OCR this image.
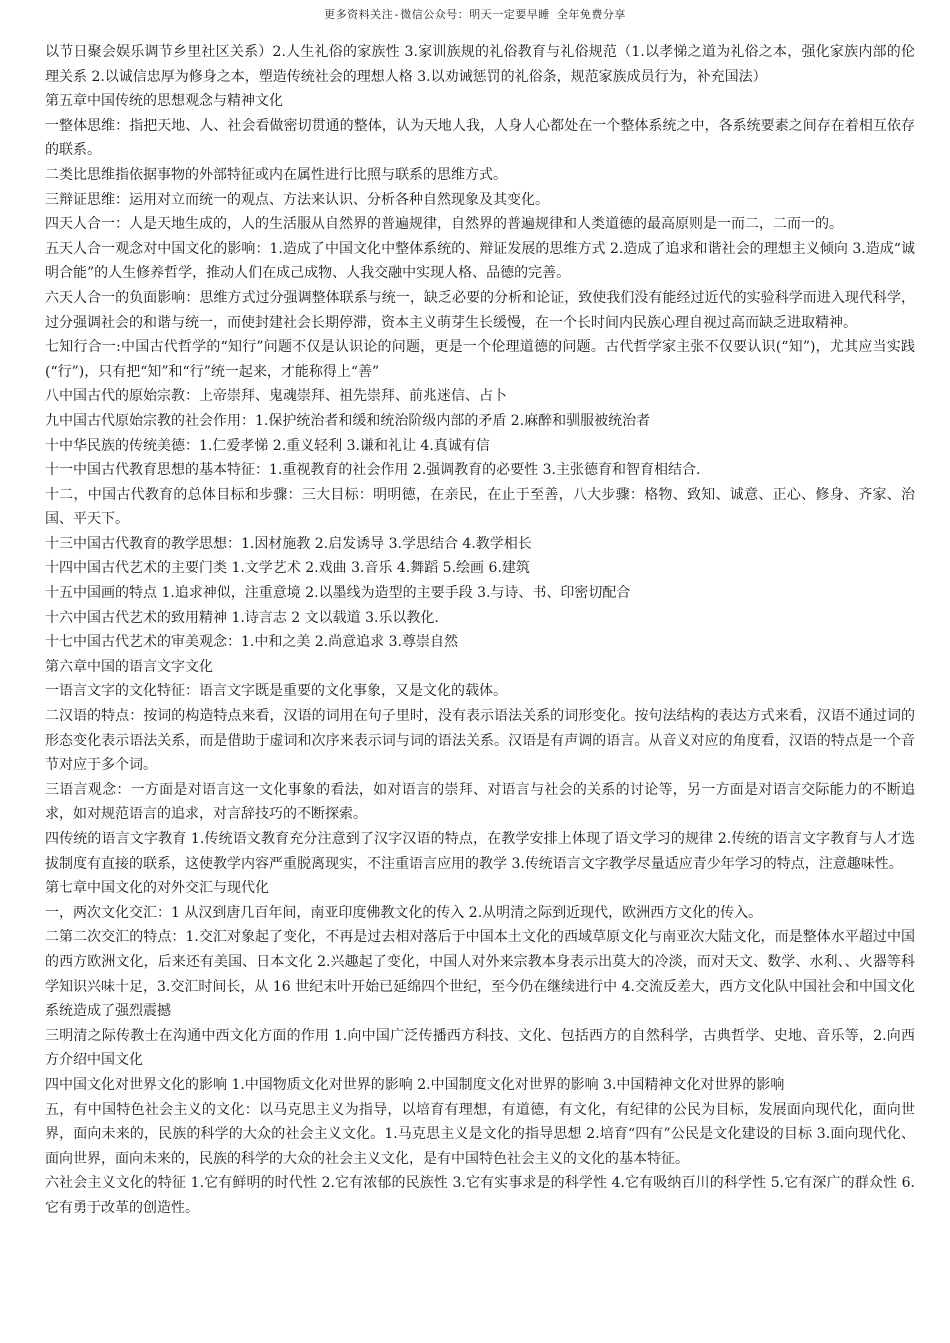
更多资料关注-微信公众号：明天一定要早睡 全年免费分享

以节日聚会娱乐调节乡里社区关系）2.人生礼俗的家族性 3.家训族规的礼俗教育与礼俗规范（1.以孝悌之道为礼俗之本，强化家族内部的伦理关系 2.以诚信忠厚为修身之本，塑造传统社会的理想人格 3.以劝诫惩罚的礼俗条，规范家族成员行为，补充国法）

第五章中国传统的思想观念与精神文化

一整体思维：指把天地、人、社会看做密切贯通的整体，认为天地人我，人身人心都处在一个整体系统之中，各系统要素之间存在着相互依存的联系。

二类比思维指依据事物的外部特征或内在属性进行比照与联系的思维方式。

三辩证思维：运用对立而统一的观点、方法来认识、分析各种自然现象及其变化。

四天人合一：人是天地生成的，人的生活服从自然界的普遍规律，自然界的普遍规律和人类道德的最高原则是一而二，二而一的。

五天人合一观念对中国文化的影响：1.造成了中国文化中整体系统的、辩证发展的思维方式 2.造成了追求和谐社会的理想主义倾向 3.造成“诚明合能”的人生修养哲学，推动人们在成己成物、人我交融中实现人格、品德的完善。

六天人合一的负面影响：思维方式过分强调整体联系与统一，缺乏必要的分析和论证，致使我们没有能经过近代的实验科学而进入现代科学，过分强调社会的和谐与统一，而使封建社会长期停滞，资本主义萌芽生长缓慢，在一个长时间内民族心理自视过高而缺乏进取精神。

七知行合一:中国古代哲学的“知行”问题不仅是认识论的问题，更是一个伦理道德的问题。古代哲学家主张不仅要认识(“知”)，尤其应当实践(“行”)，只有把“知”和“行”统一起来，才能称得上“善”

八中国古代的原始宗教：上帝崇拜、鬼魂崇拜、祖先崇拜、前兆迷信、占卜

九中国古代原始宗教的社会作用：1.保护统治者和缓和统治阶级内部的矛盾 2.麻醉和驯服被统治者

十中华民族的传统美德：1.仁爱孝悌 2.重义轻利 3.谦和礼让 4.真诚有信

十一中国古代教育思想的基本特征：1.重视教育的社会作用 2.强调教育的必要性 3.主张德育和智育相结合.

十二，中国古代教育的总体目标和步骤：三大目标：明明德，在亲民，在止于至善，八大步骤：格物、致知、诚意、正心、修身、齐家、治国、平天下。

十三中国古代教育的教学思想：1.因材施教 2.启发诱导 3.学思结合 4.教学相长

十四中国古代艺术的主要门类 1.文学艺术 2.戏曲 3.音乐 4.舞蹈 5.绘画 6.建筑

十五中国画的特点 1.追求神似，注重意境 2.以墨线为造型的主要手段 3.与诗、书、印密切配合

十六中国古代艺术的致用精神 1.诗言志 2 文以载道 3.乐以教化.

十七中国古代艺术的审美观念：1.中和之美 2.尚意追求 3.尊崇自然

第六章中国的语言文字文化

一语言文字的文化特征：语言文字既是重要的文化事象，又是文化的载体。

二汉语的特点：按词的构造特点来看，汉语的词用在句子里时，没有表示语法关系的词形变化。按句法结构的表达方式来看，汉语不通过词的形态变化表示语法关系，而是借助于虚词和次序来表示词与词的语法关系。汉语是有声调的语言。从音义对应的角度看，汉语的特点是一个音节对应于多个词。

三语言观念：一方面是对语言这一文化事象的看法，如对语言的崇拜、对语言与社会的关系的讨论等，另一方面是对语言交际能力的不断追求，如对规范语言的追求，对言辞技巧的不断探索。

四传统的语言文字教育 1.传统语文教育充分注意到了汉字汉语的特点，在教学安排上体现了语文学习的规律 2.传统的语言文字教育与人才选拔制度有直接的联系，这使教学内容严重脱离现实，不注重语言应用的教学 3.传统语言文字教学尽量适应青少年学习的特点，注意趣味性。

第七章中国文化的对外交汇与现代化

一，两次文化交汇：1 从汉到唐几百年间，南亚印度佛教文化的传入 2.从明清之际到近现代，欧洲西方文化的传入。

二第二次交汇的特点：1.交汇对象起了变化，不再是过去相对落后于中国本土文化的西域草原文化与南亚次大陆文化，而是整体水平超过中国的西方欧洲文化，后来还有美国、日本文化 2.兴趣起了变化，中国人对外来宗教本身表示出莫大的冷淡，而对天文、数学、水利、、火器等科学知识兴味十足，3.交汇时间长，从 16 世纪末叶开始已延绵四个世纪，至今仍在继续进行中 4.交流反差大，西方文化队中国社会和中国文化系统造成了强烈震撼

三明清之际传教士在沟通中西文化方面的作用 1.向中国广泛传播西方科技、文化、包括西方的自然科学，古典哲学、史地、音乐等，2.向西方介绍中国文化

四中国文化对世界文化的影响 1.中国物质文化对世界的影响 2.中国制度文化对世界的影响 3.中国精神文化对世界的影响

五，有中国特色社会主义的文化：以马克思主义为指导，以培育有理想，有道德，有文化，有纪律的公民为目标，发展面向现代化，面向世界，面向未来的，民族的科学的大众的社会主义文化。1.马克思主义是文化的指导思想 2.培育“四有”公民是文化建设的目标 3.面向现代化、面向世界，面向未来的，民族的科学的大众的社会主义文化，是有中国特色社会主义的文化的基本特征。

六社会主义文化的特征 1.它有鲜明的时代性 2.它有浓郁的民族性 3.它有实事求是的科学性 4.它有吸纳百川的科学性 5.它有深广的群众性 6.它有勇于改革的创造性。
